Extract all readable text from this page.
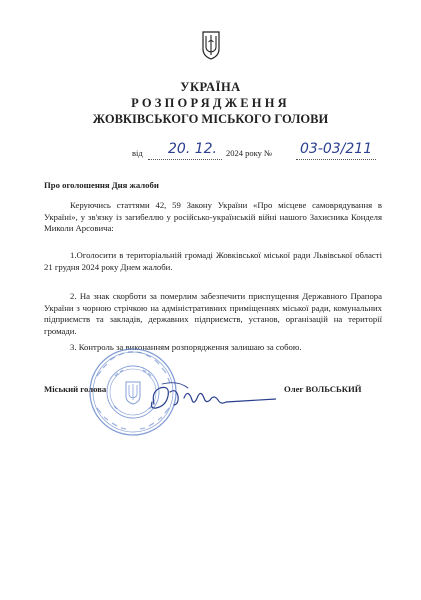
УКРАЇНА
РОЗПОРЯДЖЕННЯ
ЖОВКІВСЬКОГО МІСЬКОГО ГОЛОВИ
від 20. 12. 2024 року № 03-03/211
Про оголошення Дня жалоби
Керуючись статтями 42, 59 Закону України «Про місцеве самоврядування в Україні», у зв'язку із загибеллю у російсько-українській війні нашого Захисника Конделя Миколи Арсовича:
1.Оголосити в територіальній громаді Жовківської міської ради Львівської області 21 грудня 2024 року Днем жалоби.
2. На знак скорботи за померлим забезпечити приспущення Державного Прапора України з чорною стрічкою на адміністративних приміщеннях міської ради, комунальних підприємств та закладів, державних підприємств, установ, організацій на території громади.
3. Контроль за виконанням розпорядження залишаю за собою.
Міський голова	Олег ВОЛЬСЬКИЙ
